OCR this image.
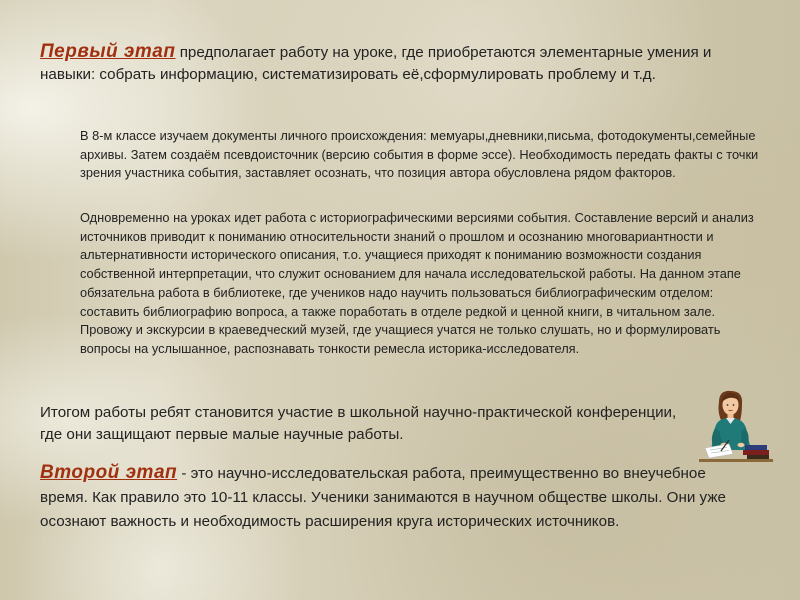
Первый этап предполагает работу на уроке, где приобретаются элементарные умения и навыки: собрать информацию, систематизировать её,сформулировать проблему и т.д.

В 8-м классе изучаем документы личного происхождения: мемуары,дневники,письма, фотодокументы,семейные архивы. Затем создаём псевдоисточник (версию события в форме эссе). Необходимость передать факты с точки зрения участника события, заставляет осознать, что позиция автора обусловлена рядом факторов.

Одновременно на уроках идет работа с историографическими версиями события. Составление версий и анализ источников приводит к пониманию относительности знаний о прошлом и осознанию многовариантности и альтернативности исторического описания, т.о. учащиеся приходят к пониманию возможности создания собственной интерпретации, что служит основанием для начала исследовательской работы. На данном этапе обязательна работа в библиотеке, где учеников надо научить пользоваться библиографическим отделом: составить библиографию вопроса, а также поработать в отделе редкой и ценной книги, в читальном зале. Провожу и экскурсии в краеведческий музей, где учащиеся учатся не только слушать, но и формулировать вопросы на услышанное, распознавать тонкости ремесла историка-исследователя.

Итогом работы ребят становится участие в школьной научно-практической конференции, где они защищают первые малые научные работы.

Второй этап - это научно-исследовательская работа, преимущественно во внеучебное время. Как правило это 10-11 классы. Ученики занимаются в научном обществе школы. Они уже осознают важность и необходимость расширения круга исторических источников.
